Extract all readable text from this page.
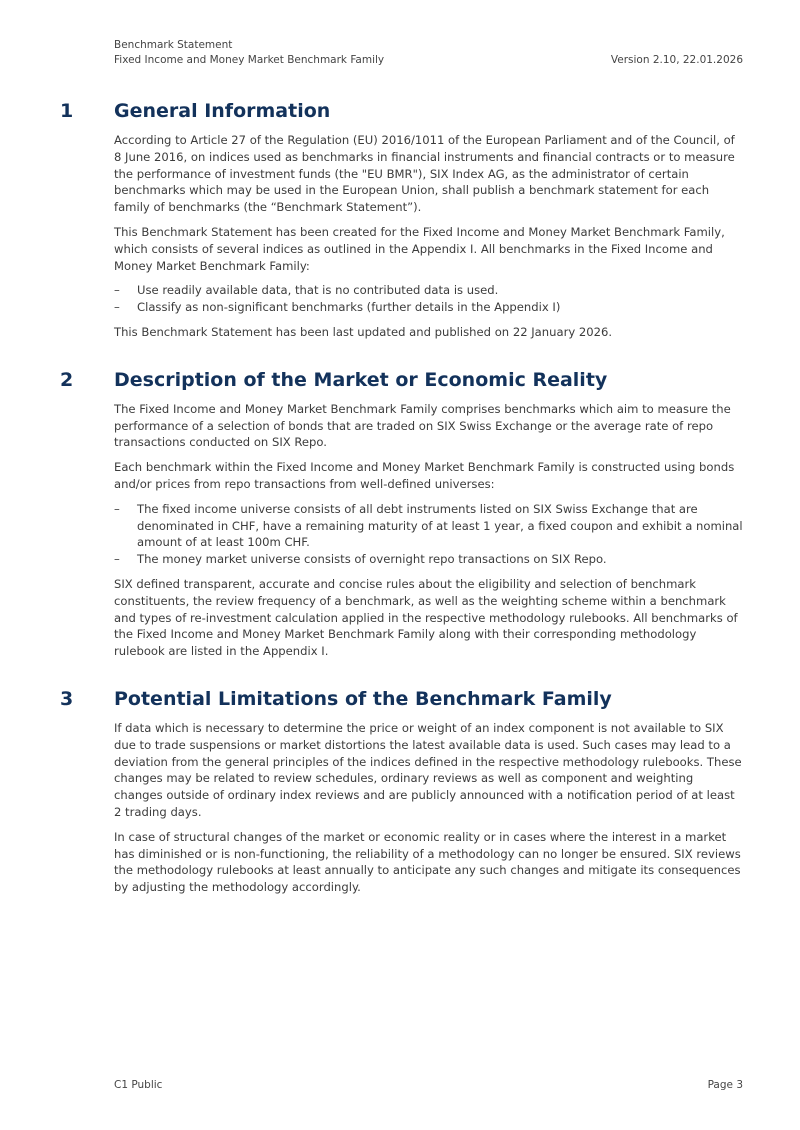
Benchmark Statement
Fixed Income and Money Market Benchmark Family	Version 2.10, 22.01.2026
1 General Information

According to Article 27 of the Regulation (EU) 2016/1011 of the European Parliament and of the Council, of 8 June 2016, on indices used as benchmarks in financial instruments and financial contracts or to measure the performance of investment funds (the "EU BMR"), SIX Index AG, as the administrator of certain benchmarks which may be used in the European Union, shall publish a benchmark statement for each family of benchmarks (the “Benchmark Statement”).

This Benchmark Statement has been created for the Fixed Income and Money Market Benchmark Family, which consists of several indices as outlined in the Appendix I. All benchmarks in the Fixed Income and Money Market Benchmark Family:

– Use readily available data, that is no contributed data is used.
– Classify as non-significant benchmarks (further details in the Appendix I)

This Benchmark Statement has been last updated and published on 22 January 2026.

2 Description of the Market or Economic Reality

The Fixed Income and Money Market Benchmark Family comprises benchmarks which aim to measure the performance of a selection of bonds that are traded on SIX Swiss Exchange or the average rate of repo transactions conducted on SIX Repo.

Each benchmark within the Fixed Income and Money Market Benchmark Family is constructed using bonds and/or prices from repo transactions from well-defined universes:

– The fixed income universe consists of all debt instruments listed on SIX Swiss Exchange that are denominated in CHF, have a remaining maturity of at least 1 year, a fixed coupon and exhibit a nominal amount of at least 100m CHF.
– The money market universe consists of overnight repo transactions on SIX Repo.

SIX defined transparent, accurate and concise rules about the eligibility and selection of benchmark constituents, the review frequency of a benchmark, as well as the weighting scheme within a benchmark and types of re-investment calculation applied in the respective methodology rulebooks. All benchmarks of the Fixed Income and Money Market Benchmark Family along with their corresponding methodology rulebook are listed in the Appendix I.

3 Potential Limitations of the Benchmark Family

If data which is necessary to determine the price or weight of an index component is not available to SIX due to trade suspensions or market distortions the latest available data is used. Such cases may lead to a deviation from the general principles of the indices defined in the respective methodology rulebooks. These changes may be related to review schedules, ordinary reviews as well as component and weighting changes outside of ordinary index reviews and are publicly announced with a notification period of at least 2 trading days.

In case of structural changes of the market or economic reality or in cases where the interest in a market has diminished or is non-functioning, the reliability of a methodology can no longer be ensured. SIX reviews the methodology rulebooks at least annually to anticipate any such changes and mitigate its consequences by adjusting the methodology accordingly.

C1 Public	Page 3
